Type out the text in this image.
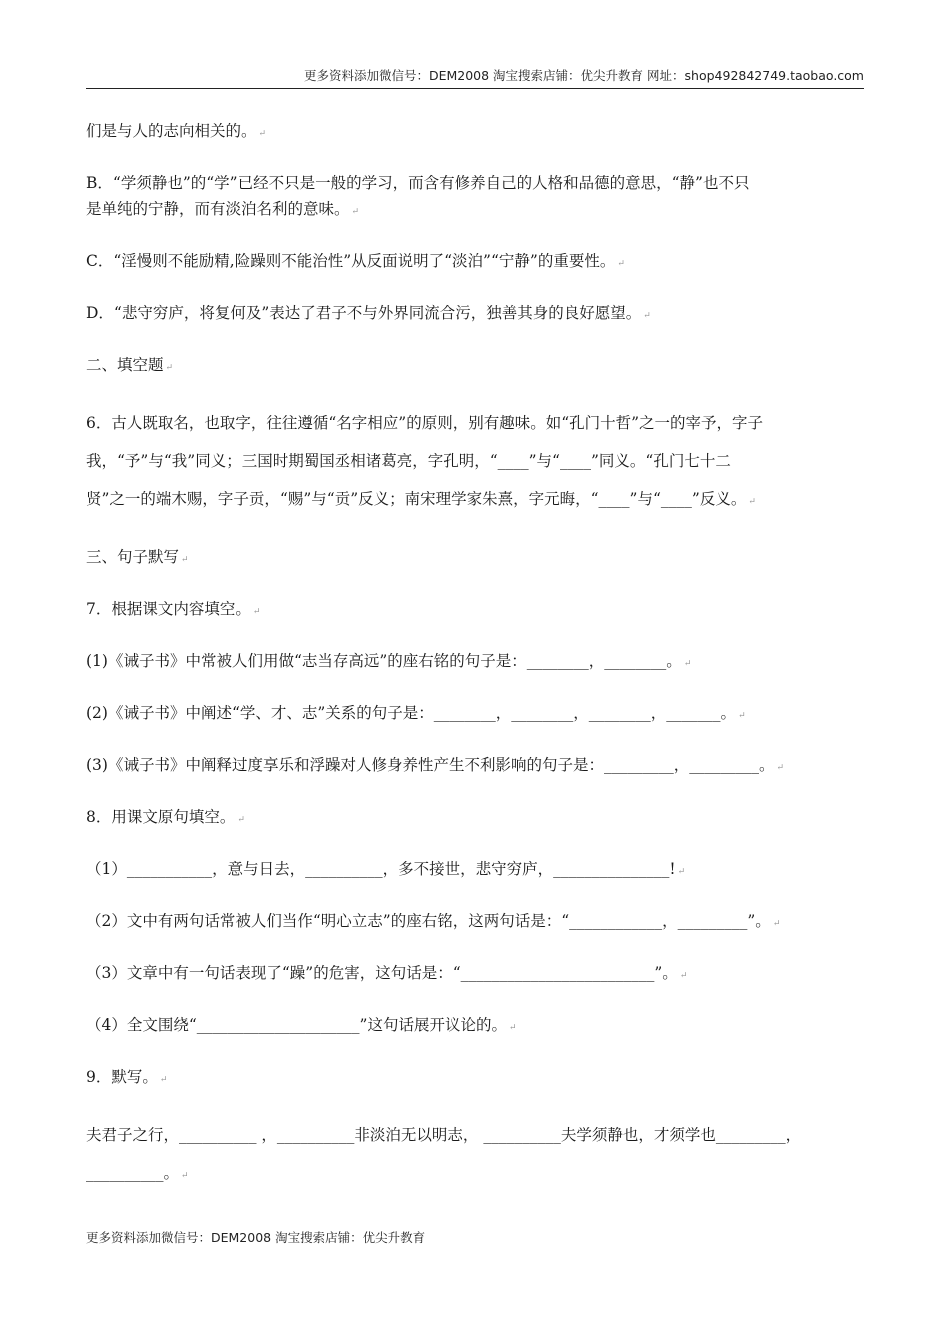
更多资料添加微信号：DEM2008 淘宝搜索店铺：优尖升教育 网址：shop492842749.taobao.com

们是与人的志向相关的。 ↵

B．“学须静也”的“学”已经不只是一般的学习，而含有修养自己的人格和品德的意思，“静”也不只

是单纯的宁静，而有淡泊名利的意味。 ↵

C．“淫慢则不能励精,险躁则不能治性”从反面说明了“淡泊”“宁静”的重要性。 ↵

D．“悲守穷庐，将复何及”表达了君子不与外界同流合污，独善其身的良好愿望。 ↵

二、填空题 ↵

6．古人既取名，也取字，往往遵循“名字相应”的原则，别有趣味。如“孔门十哲”之一的宰予，字子

我，“予”与“我”同义；三国时期蜀国丞相诸葛亮，字孔明，“____”与“____”同义。“孔门七十二

贤”之一的端木赐，字子贡，“赐”与“贡”反义；南宋理学家朱熹，字元晦，“____”与“____”反义。 ↵

三、句子默写 ↵

7．根据课文内容填空。 ↵

(1)《诫子书》中常被人们用做“志当存高远”的座右铭的句子是：________，________。 ↵

(2)《诫子书》中阐述“学、才、志”关系的句子是：________，________，________，_______。 ↵

(3)《诫子书》中阐释过度享乐和浮躁对人修身养性产生不利影响的句子是：_________，_________。 ↵

8．用课文原句填空。 ↵

（1）___________，意与日去，__________，多不接世，悲守穷庐，_______________! ↵

（2）文中有两句话常被人们当作“明心立志”的座右铭，这两句话是：“____________，_________”。 ↵

（3）文章中有一句话表现了“躁”的危害，这句话是：“_________________________”。 ↵

（4）全文围绕“_____________________”这句话展开议论的。 ↵

9．默写。 ↵

夫君子之行，__________ ，__________非淡泊无以明志， __________夫学须静也，才须学也_________，

__________。 ↵

更多资料添加微信号：DEM2008 淘宝搜索店铺：优尖升教育
